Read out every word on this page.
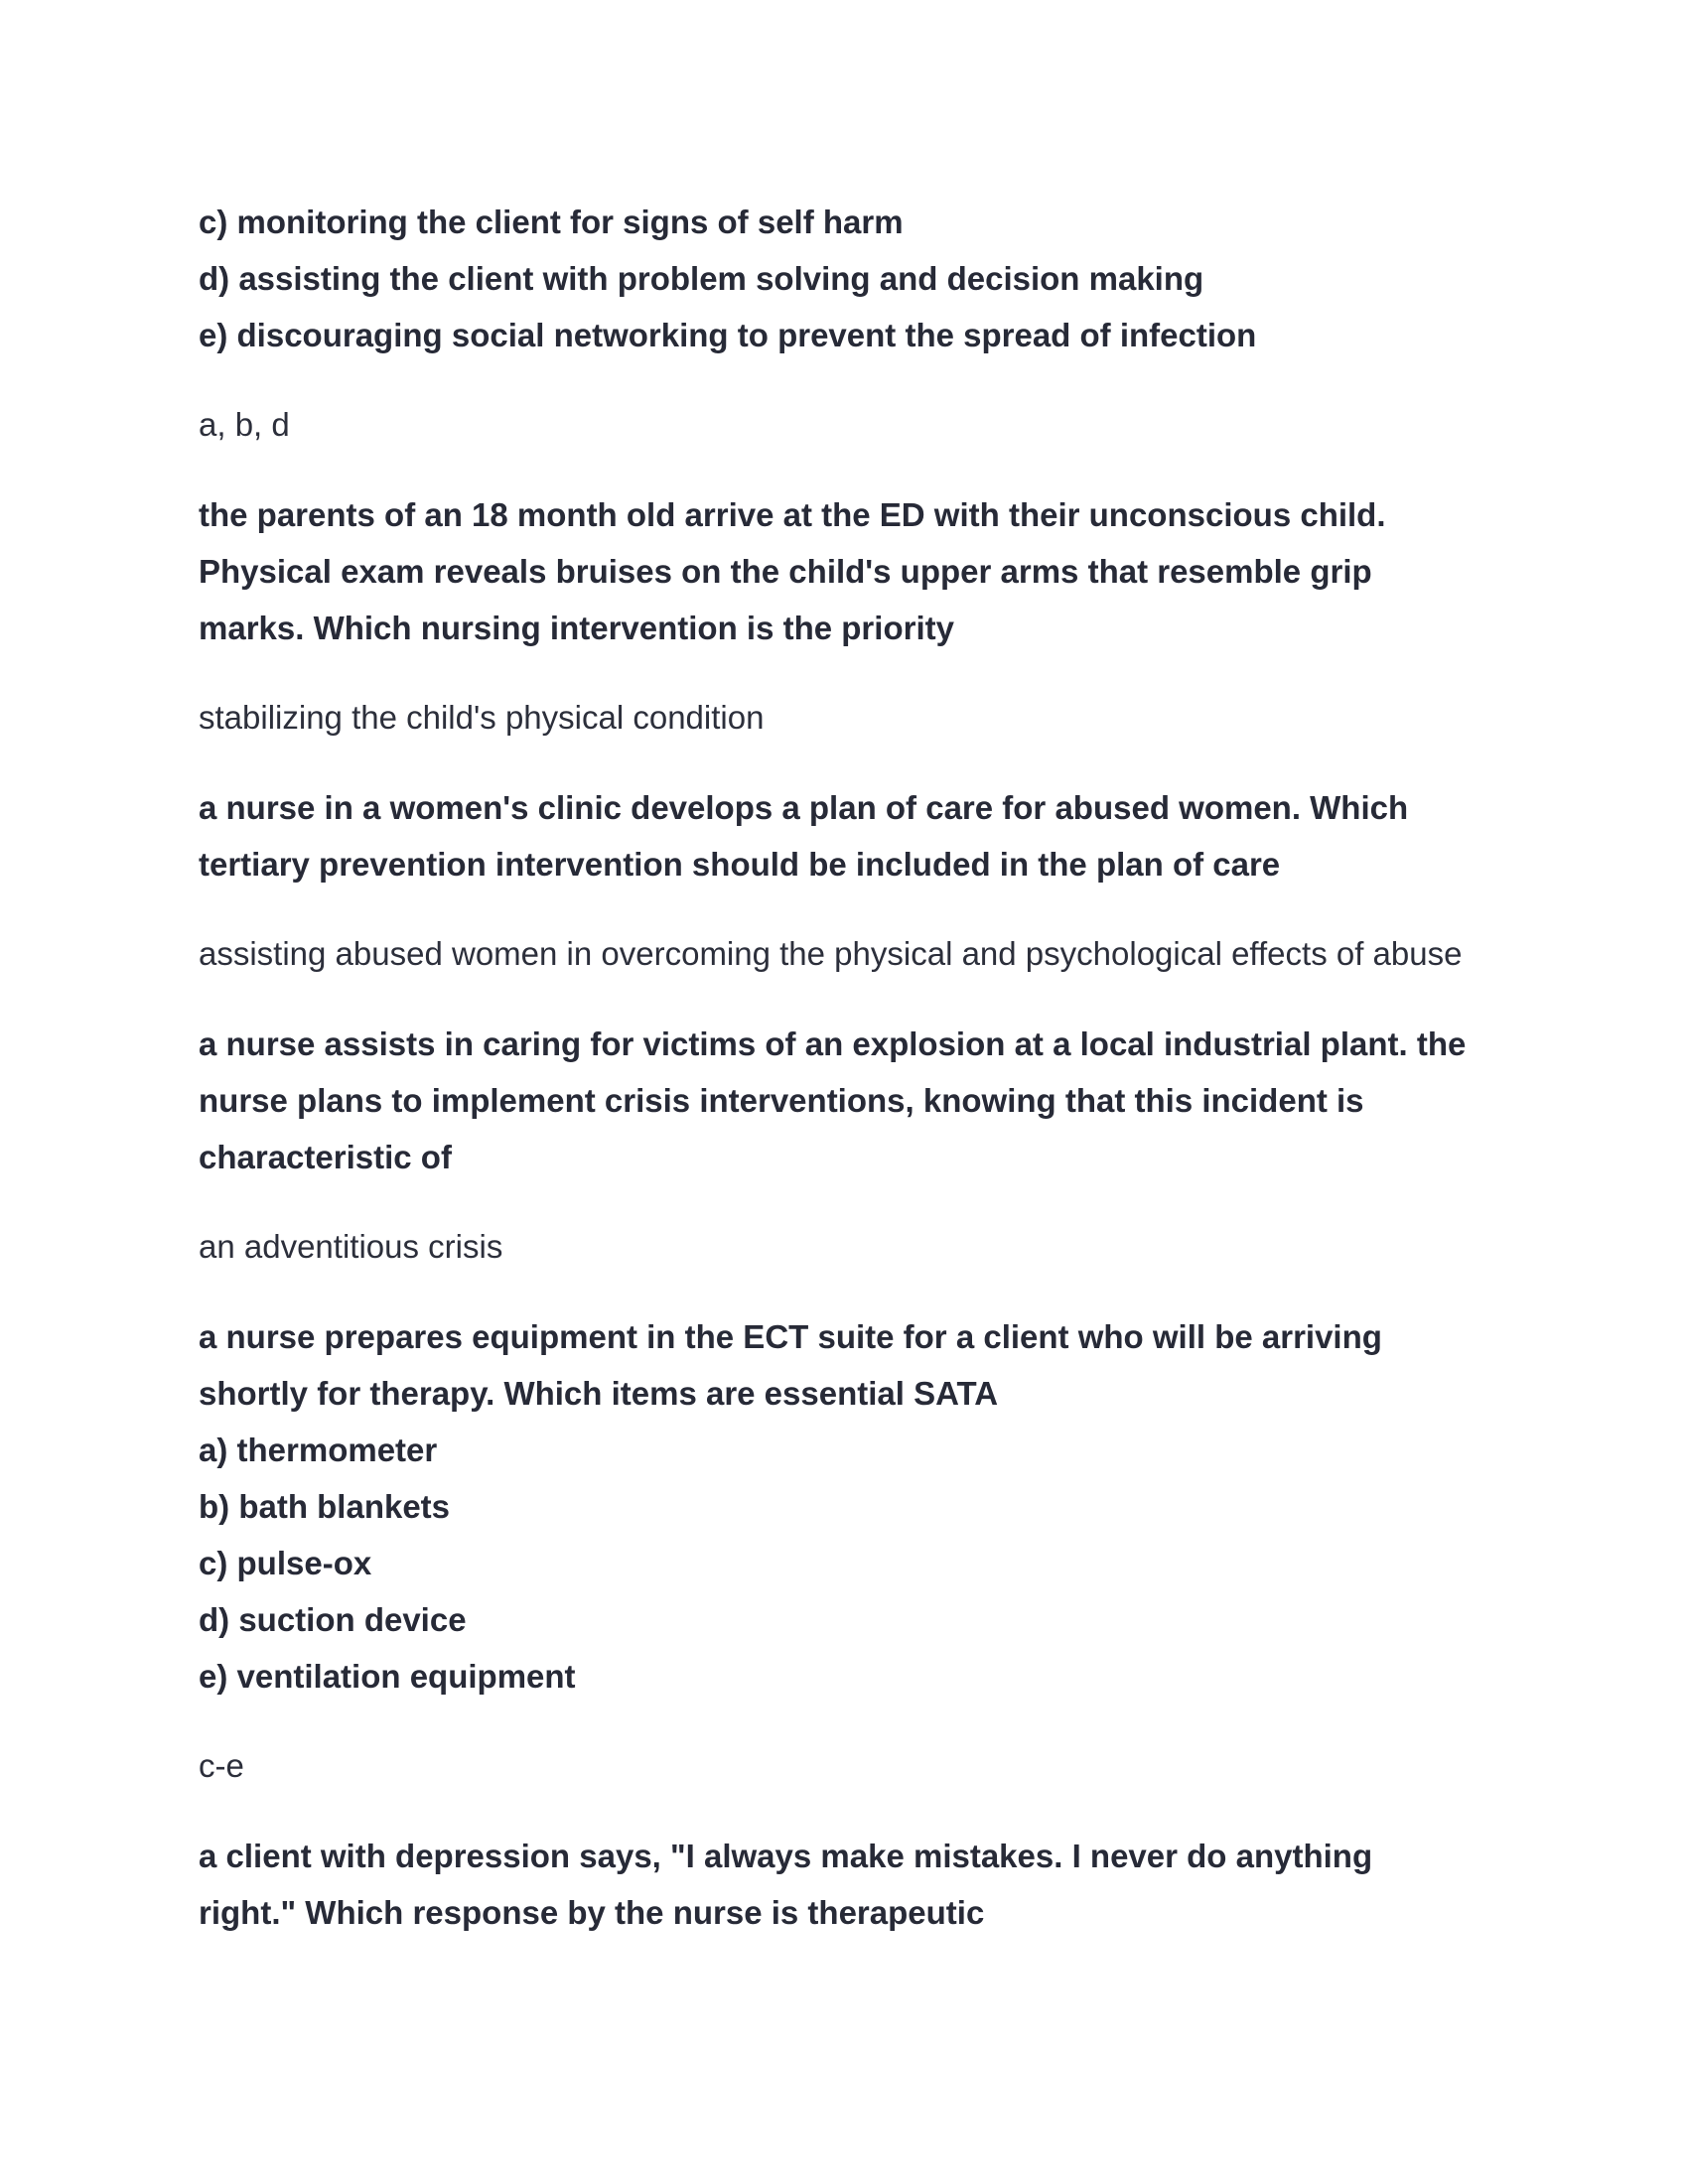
c) monitoring the client for signs of self harm
d) assisting the client with problem solving and decision making
e) discouraging social networking to prevent the spread of infection
a, b, d
the parents of an 18 month old arrive at the ED with their unconscious child.
Physical exam reveals bruises on the child's upper arms that resemble grip
marks. Which nursing intervention is the priority
stabilizing the child's physical condition
a nurse in a women's clinic develops a plan of care for abused women. Which
tertiary prevention intervention should be included in the plan of care
assisting abused women in overcoming the physical and psychological effects of abuse
a nurse assists in caring for victims of an explosion at a local industrial plant. the
nurse plans to implement crisis interventions, knowing that this incident is
characteristic of
an adventitious crisis
a nurse prepares equipment in the ECT suite for a client who will be arriving
shortly for therapy. Which items are essential SATA
a) thermometer
b) bath blankets
c) pulse-ox
d) suction device
e) ventilation equipment
c-e
a client with depression says, "I always make mistakes. I never do anything
right." Which response by the nurse is therapeutic
